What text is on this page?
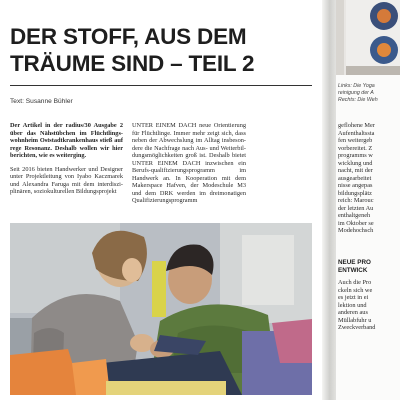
DER STOFF, AUS DEM
TRÄUME SIND – TEIL 2

Text: Susanne Bühler

Der Artikel in der radius/30 Ausgabe 2 über das Nähstübchen im Flüchtlings-wohnheim Oststadtkrankenhaus stieß auf rege Resonanz. Deshalb wollen wir hier berichten, wie es weiterging.

Seit 2016 bieten Handwerker und Designer unter Projektleitung von Iyabo Kaczmarek und Alexandra Faruga mit dem interdiszi-plinären, soziokulturellen Bildungsprojekt

UNTER EINEM DACH neue Orientierung für Flüchtlinge. Immer mehr zeigt sich, dass neben der Abwechslung im Alltag insbeson-dere die Nachfrage nach Aus- und Weiterbil-dungsmöglichkeiten groß ist. Deshalb bietet UNTER EINEM DACH inzwischen ein Berufs-qualifizierungsprogramm im Handwerk an. In Kooperation mit dem Makerspace Hafven, der Modeschule M3 und dem DRK werden im dreimonatigen Qualifizierungsprogramm

Links: Die Yoga
reinigung der A
Rechts: Die Weh

geflohene Mer
Aufenthaltssta
fen weitergeb
vorbereitet. Z
programms w
wicklung und
nacht, mit der
ausgearbeitet
nisse angepas
bildungsplätz
reich: Marouc
der letzten Au
enthaltgeneh
im Oktober se
Modehochsch

NEUE PRO
ENTWICK

Auch die Pro
ckeln sich we
es jetzt in ei
lektion und
anderen aus
Müllabfuhr u
Zweckverband
